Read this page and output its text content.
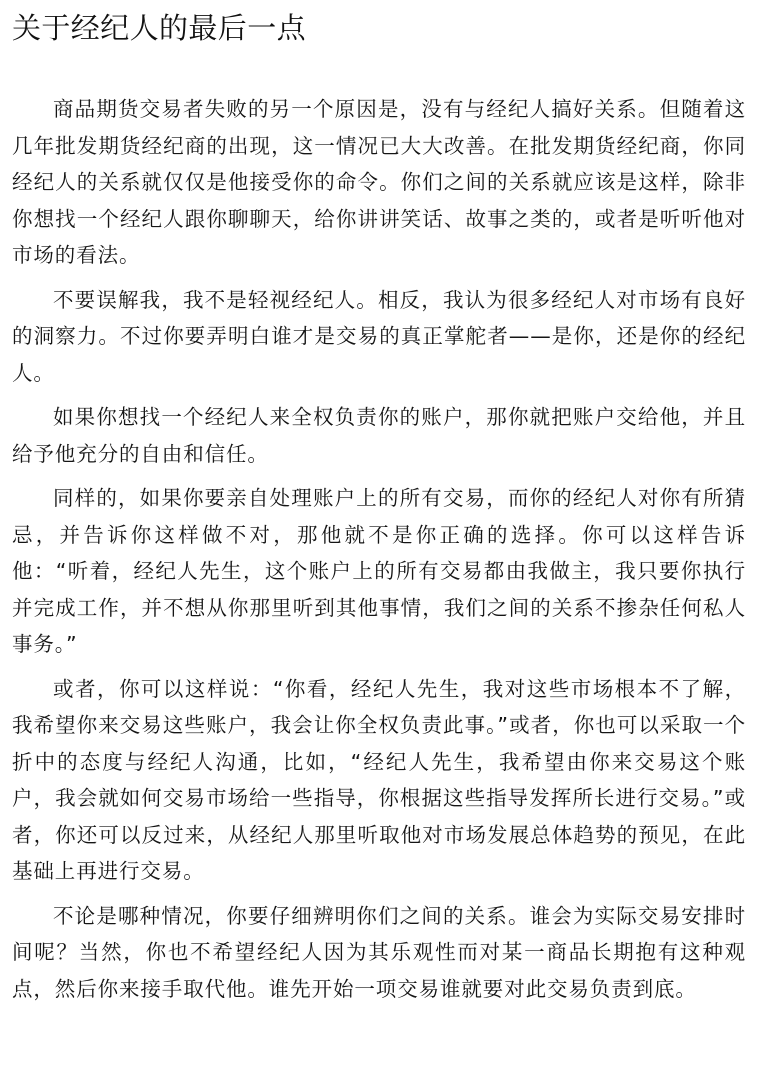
关于经纪人的最后一点

商品期货交易者失败的另一个原因是，没有与经纪人搞好关系。但随着这几年批发期货经纪商的出现，这一情况已大大改善。在批发期货经纪商，你同经纪人的关系就仅仅是他接受你的命令。你们之间的关系就应该是这样，除非你想找一个经纪人跟你聊聊天，给你讲讲笑话、故事之类的，或者是听听他对市场的看法。

不要误解我，我不是轻视经纪人。相反，我认为很多经纪人对市场有良好的洞察力。不过你要弄明白谁才是交易的真正掌舵者——是你，还是你的经纪人。

如果你想找一个经纪人来全权负责你的账户，那你就把账户交给他，并且给予他充分的自由和信任。

同样的，如果你要亲自处理账户上的所有交易，而你的经纪人对你有所猜忌，并告诉你这样做不对，那他就不是你正确的选择。你可以这样告诉他：“听着，经纪人先生，这个账户上的所有交易都由我做主，我只要你执行并完成工作，并不想从你那里听到其他事情，我们之间的关系不掺杂任何私人事务。”

或者，你可以这样说：“你看，经纪人先生，我对这些市场根本不了解，我希望你来交易这些账户，我会让你全权负责此事。”或者，你也可以采取一个折中的态度与经纪人沟通，比如，“经纪人先生，我希望由你来交易这个账户，我会就如何交易市场给一些指导，你根据这些指导发挥所长进行交易。”或者，你还可以反过来，从经纪人那里听取他对市场发展总体趋势的预见，在此基础上再进行交易。

不论是哪种情况，你要仔细辨明你们之间的关系。谁会为实际交易安排时间呢？当然，你也不希望经纪人因为其乐观性而对某一商品长期抱有这种观点，然后你来接手取代他。谁先开始一项交易谁就要对此交易负责到底。
